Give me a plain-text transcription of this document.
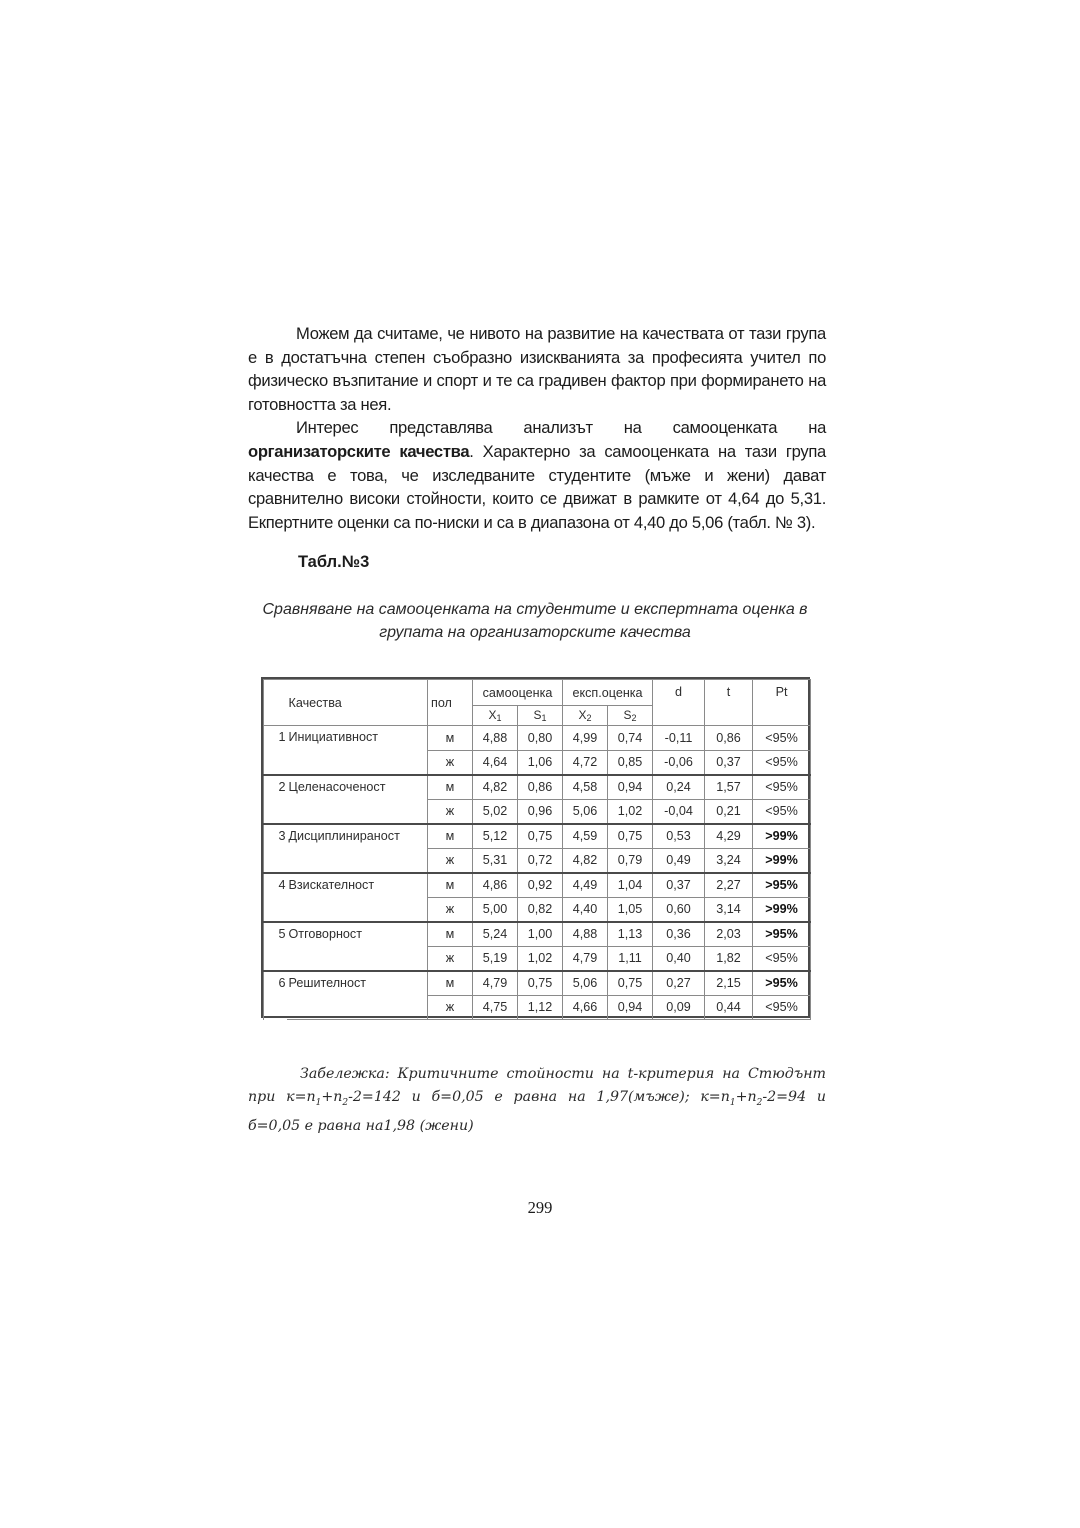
Можем да считаме, че нивото на развитие на качествата от тази група е в достатъчна степен съобразно изискванията за професията учител по физическо възпитание и спорт и те са градивен фактор при формирането на готовността за нея.

Интерес представлява анализът на самооценката на организаторските качества. Характерно за самооценката на тази група качества е това, че изследваните студентите (мъже и жени) дават сравнително високи стойности, които се движат в рамките от 4,64 до 5,31. Екпертните оценки са по-ниски и са в диапазона от 4,40 до 5,06 (табл. № 3).

Табл.№3
Сравняване на самооценката на студентите и експертната оценка в групата на организаторските качества
	Качества	пол	самооценка		експ.оценка		d	t	Pt
			$X_1$	$S_1$	$X_2$	$S_2$
1	Инициативност	м	4,88	0,80	4,99	0,74	-0,11	0,86	<95%
		ж	4,64	1,06	4,72	0,85	-0,06	0,37	<95%
2	Целенасоченост	м	4,82	0,86	4,58	0,94	0,24	1,57	<95%
		ж	5,02	0,96	5,06	1,02	-0,04	0,21	<95%
3	Дисциплинираност	м	5,12	0,75	4,59	0,75	0,53	4,29	>99%
		ж	5,31	0,72	4,82	0,79	0,49	3,24	>99%
4	Взискателност	м	4,86	0,92	4,49	1,04	0,37	2,27	>95%
		ж	5,00	0,82	4,40	1,05	0,60	3,14	>99%
5	Отговорност	м	5,24	1,00	4,88	1,13	0,36	2,03	>95%
		ж	5,19	1,02	4,79	1,11	0,40	1,82	<95%
6	Решителност	м	4,79	0,75	5,06	0,75	0,27	2,15	>95%
		ж	4,75	1,12	4,66	0,94	0,09	0,44	<95%

Забележка: Критичните стойности на t-критерия на Стюдънт при $к=n_1+n_2-2=142$ и б=0,05 е равна на 1,97(мъже); $к=n_1+n_2-2=94$ и б=0,05 е равна на1,98 (жени)

299
